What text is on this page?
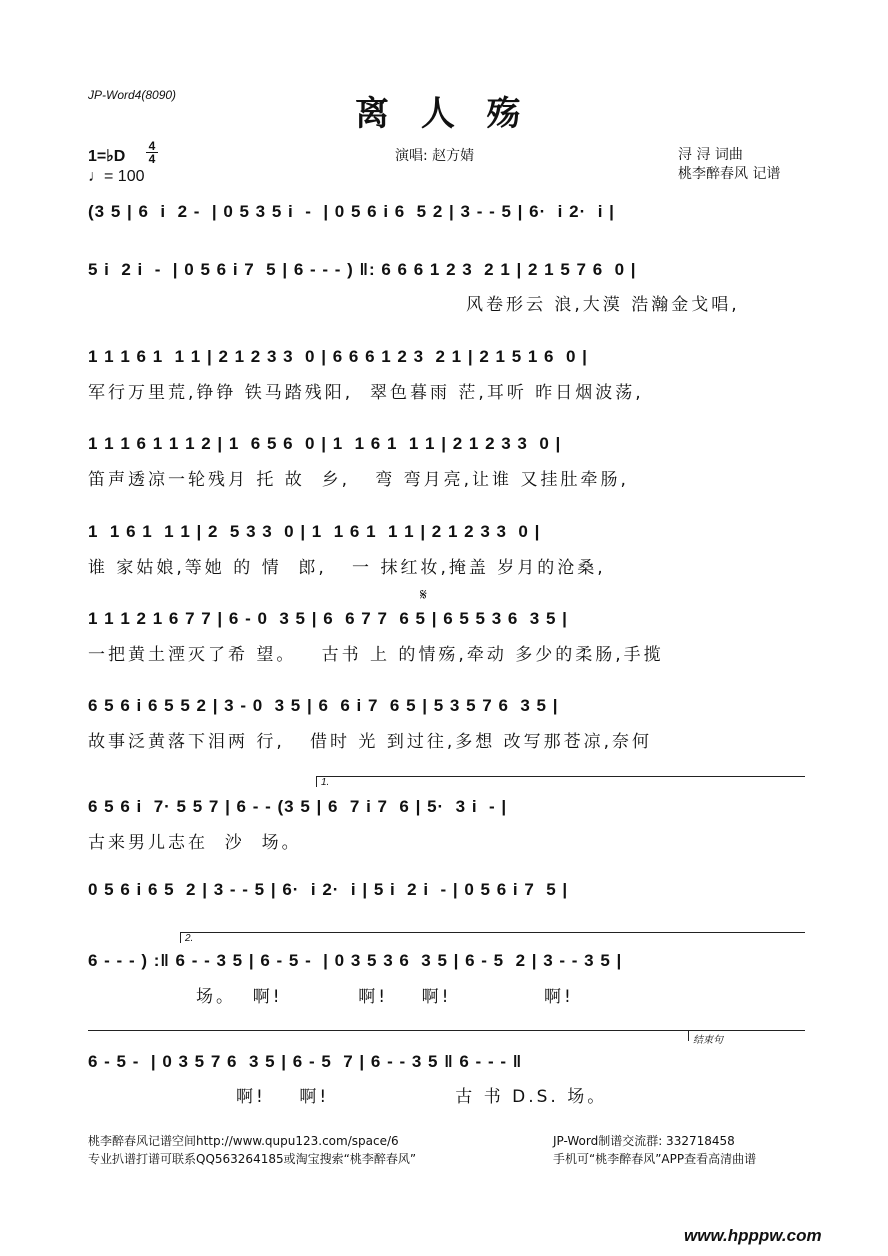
JP-Word4(8090)	离 人 殇
1=♭D
4
4
♩= 100
演唱: 赵方婧	浔 浔 词曲
桃李醉春风 记谱
1.
2.
结束句
𝄋
(3 5 | 6  i  2 -  | 0 5 3 5 i  -  | 0 5 6 i 6  5 2 | 3 - - 5 | 6·  i 2·  i |
5 i  2 i  -  | 0 5 6 i 7  5 | 6 - - - ) ‖: 6 6 6 1 2 3  2 1 | 2 1 5 7 6  0 |
风卷形云 浪,大漠 浩瀚金戈唱,
1 1 1 6 1  1 1 | 2 1 2 3 3  0 | 6 6 6 1 2 3  2 1 | 2 1 5 1 6  0 |
军行万里荒,铮铮 铁马踏残阳,  翠色暮雨 茫,耳听 昨日烟波荡,
1 1 1 6 1 1 1 2 | 1  6 5 6  0 | 1  1 6 1  1 1 | 2 1 2 3 3  0 |
笛声透凉一轮残月 托 故  乡,   弯 弯月亮,让谁 又挂肚牵肠,
1  1 6 1  1 1 | 2  5 3 3  0 | 1  1 6 1  1 1 | 2 1 2 3 3  0 |
谁 家姑娘,等她 的 情  郎,   一 抹红妆,掩盖 岁月的沧桑,
1 1 1 2 1 6 7 7 | 6 - 0  3 5 | 6  6 7 7  6 5 | 6 5 5 3 6  3 5 |
一把黄土湮灭了希 望。   古书 上 的情殇,牵动 多少的柔肠,手揽
6 5 6 i 6 5 5 2 | 3 - 0  3 5 | 6  6 i 7  6 5 | 5 3 5 7 6  3 5 |
故事泛黄落下泪两 行,   借时 光 到过往,多想 改写那苍凉,奈何
6 5 6 i  7· 5 5 7 | 6 - - (3 5 | 6  7 i 7  6 | 5·  3 i  - |
古来男儿志在  沙  场。
0 5 6 i 6 5  2 | 3 - - 5 | 6·  i 2·  i | 5 i  2 i  - | 0 5 6 i 7  5 |
6 - - - ) :‖ 6 - - 3 5 | 6 - 5 -  | 0 3 5 3 6  3 5 | 6 - 5  2 | 3 - - 3 5 |
场。  啊!         啊!    啊!           啊!
6 - 5 -  | 0 3 5 7 6  3 5 | 6 - 5  7 | 6 - - 3 5 ‖ 6 - - - ‖
啊!    啊!               古 书 D.S. 场。
桃李醉春风记谱空间http://www.qupu123.com/space/6
专业扒谱打谱可联系QQ563264185或淘宝搜索“桃李醉春风”
JP-Word制谱交流群: 332718458
手机可“桃李醉春风”APP查看高清曲谱
www.hpppw.com
